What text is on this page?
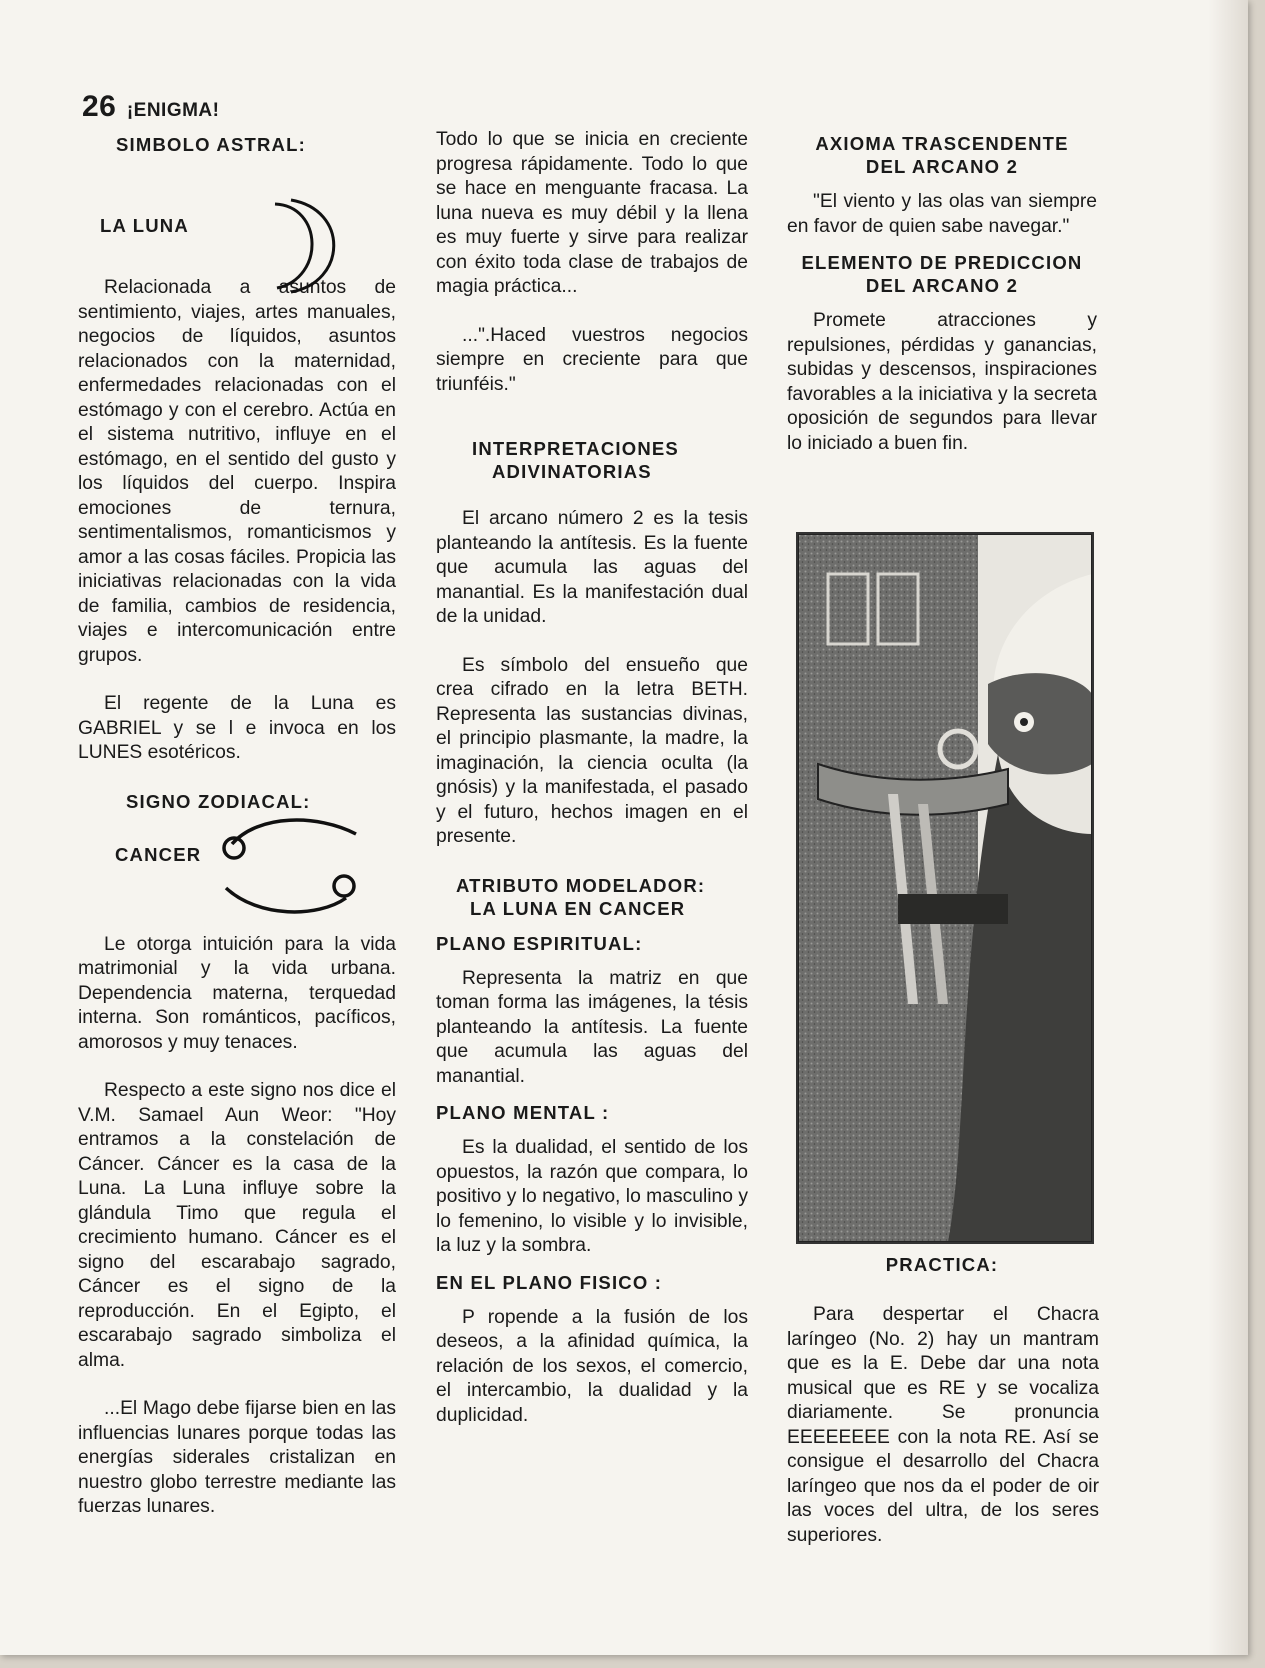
26 ¡ENIGMA!
SIMBOLO ASTRAL:
LA LUNA

Relacionada a asuntos de sentimiento, viajes, artes manuales, negocios de líquidos, asuntos relacionados con la maternidad, enfermedades relacionadas con el estómago y con el cerebro. Actúa en el sistema nutritivo, influye en el estómago, en el sentido del gusto y los líquidos del cuerpo. Inspira emociones de ternura, sentimentalismos, romanticismos y amor a las cosas fáciles. Propicia las iniciativas relacionadas con la vida de familia, cambios de residencia, viajes e intercomunicación entre grupos.

El regente de la Luna es GABRIEL y se l e invoca en los LUNES esotéricos.

SIGNO ZODIACAL:
CANCER

Le otorga intuición para la vida matrimonial y la vida urbana. Dependencia materna, terquedad interna. Son románticos, pacíficos, amorosos y muy tenaces.

Respecto a este signo nos dice el V.M. Samael Aun Weor: "Hoy entramos a la constelación de Cáncer. Cáncer es la casa de la Luna. La Luna influye sobre la glándula Timo que regula el crecimiento humano. Cáncer es el signo del escarabajo sagrado, Cáncer es el signo de la reproducción. En el Egipto, el escarabajo sagrado simboliza el alma.

...El Mago debe fijarse bien en las influencias lunares porque todas las energías siderales cristalizan en nuestro globo terrestre mediante las fuerzas lunares.

Todo lo que se inicia en creciente progresa rápidamente. Todo lo que se hace en menguante fracasa. La luna nueva es muy débil y la llena es muy fuerte y sirve para realizar con éxito toda clase de trabajos de magia práctica...

...".Haced vuestros negocios siempre en creciente para que triunféis."

INTERPRETACIONES
ADIVINATORIAS

El arcano número 2 es la tesis planteando la antítesis. Es la fuente que acumula las aguas del manantial. Es la manifestación dual de la unidad.

Es símbolo del ensueño que crea cifrado en la letra BETH. Representa las sustancias divinas, el principio plasmante, la madre, la imaginación, la ciencia oculta (la gnósis) y la manifestada, el pasado y el futuro, hechos imagen en el presente.

ATRIBUTO MODELADOR:
LA LUNA EN CANCER
PLANO ESPIRITUAL:

Representa la matriz en que toman forma las imágenes, la tésis planteando la antítesis. La fuente que acumula las aguas del manantial.

PLANO MENTAL :

Es la dualidad, el sentido de los opuestos, la razón que compara, lo positivo y lo negativo, lo masculino y lo femenino, lo visible y lo invisible, la luz y la sombra.

EN EL PLANO FISICO :

P ropende a la fusión de los deseos, a la afinidad química, la relación de los sexos, el comercio, el intercambio, la dualidad y la duplicidad.

AXIOMA TRASCENDENTE
DEL ARCANO 2

"El viento y las olas van siempre en favor de quien sabe navegar."

ELEMENTO DE PREDICCION
DEL ARCANO 2

Promete atracciones y repulsiones, pérdidas y ganancias, subidas y descensos, inspiraciones favorables a la iniciativa y la secreta oposición de segundos para llevar lo iniciado a buen fin.

PRACTICA:

Para despertar el Chacra laríngeo (No. 2) hay un mantram que es la E. Debe dar una nota musical que es RE y se vocaliza diariamente. Se pronuncia EEEEEEEE con la nota RE. Así se consigue el desarrollo del Chacra laríngeo que nos da el poder de oir las voces del ultra, de los seres superiores.
